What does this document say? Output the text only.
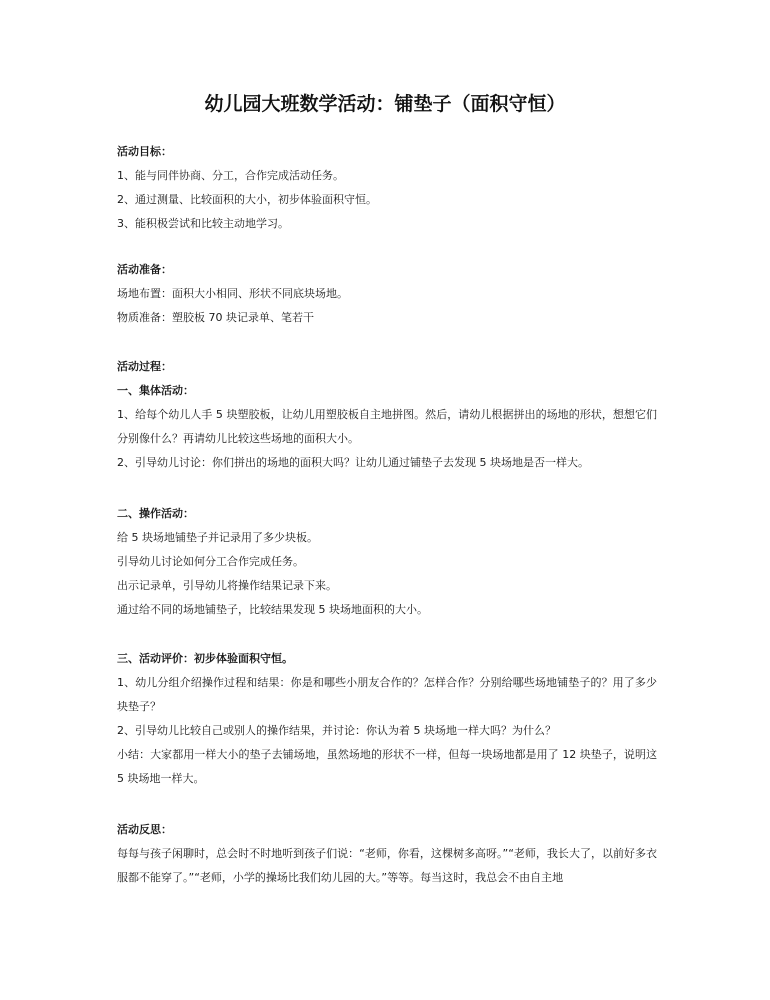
幼儿园大班数学活动：铺垫子（面积守恒）
活动目标：
1、能与同伴协商、分工，合作完成活动任务。
2、通过测量、比较面积的大小，初步体验面积守恒。
3、能积极尝试和比较主动地学习。
活动准备：
场地布置：面积大小相同、形状不同底块场地。
物质准备：塑胶板 70 块记录单、笔若干
活动过程：
一、集体活动：
1、给每个幼儿人手 5 块塑胶板，让幼儿用塑胶板自主地拼图。然后，请幼儿根据拼出的场地的形状，想想它们分别像什么？再请幼儿比较这些场地的面积大小。
2、引导幼儿讨论：你们拼出的场地的面积大吗？让幼儿通过铺垫子去发现 5 块场地是否一样大。
二、操作活动：
给 5 块场地铺垫子并记录用了多少块板。
引导幼儿讨论如何分工合作完成任务。
出示记录单，引导幼儿将操作结果记录下来。
通过给不同的场地铺垫子，比较结果发现 5 块场地面积的大小。
三、活动评价：初步体验面积守恒。
1、幼儿分组介绍操作过程和结果：你是和哪些小朋友合作的？怎样合作？分别给哪些场地铺垫子的？用了多少块垫子？
2、引导幼儿比较自己或别人的操作结果，并讨论：你认为着 5 块场地一样大吗？为什么？
小结：大家都用一样大小的垫子去铺场地，虽然场地的形状不一样，但每一块场地都是用了 12 块垫子，说明这 5 块场地一样大。
活动反思：
每每与孩子闲聊时，总会时不时地听到孩子们说：“老师，你看，这棵树多高呀。”“老师，我长大了，以前好多衣服都不能穿了。”“老师，小学的操场比我们幼儿园的大。”等等。每当这时，我总会不由自主地
